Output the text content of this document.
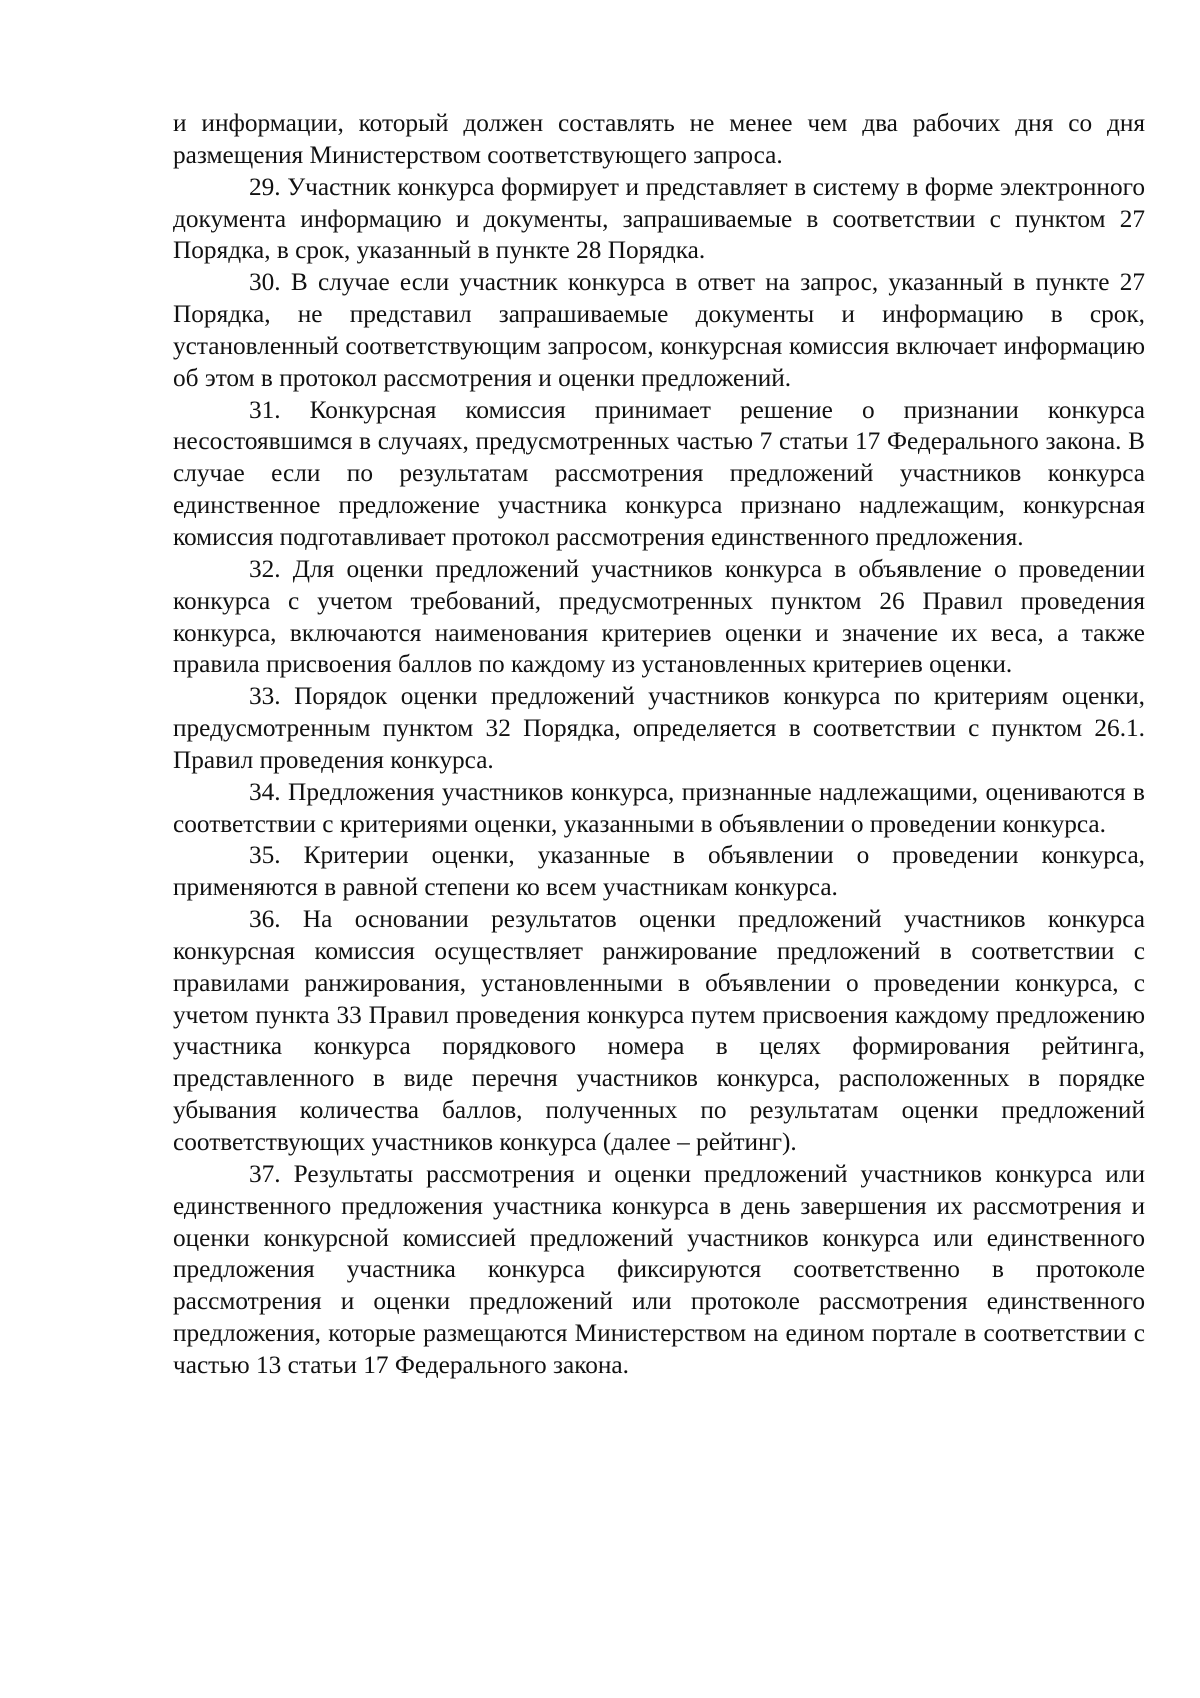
и информации, который должен составлять не менее чем два рабочих дня со дня размещения Министерством соответствующего запроса.

29. Участник конкурса формирует и представляет в систему в форме электронного документа информацию и документы, запрашиваемые в соответствии с пунктом 27 Порядка, в срок, указанный в пункте 28 Порядка.

30. В случае если участник конкурса в ответ на запрос, указанный в пункте 27 Порядка, не представил запрашиваемые документы и информацию в срок, установленный соответствующим запросом, конкурсная комиссия включает информацию об этом в протокол рассмотрения и оценки предложений.

31. Конкурсная комиссия принимает решение о признании конкурса несостоявшимся в случаях, предусмотренных частью 7 статьи 17 Федерального закона. В случае если по результатам рассмотрения предложений участников конкурса единственное предложение участника конкурса признано надлежащим, конкурсная комиссия подготавливает протокол рассмотрения единственного предложения.

32. Для оценки предложений участников конкурса в объявление о проведении конкурса с учетом требований, предусмотренных пунктом 26 Правил проведения конкурса, включаются наименования критериев оценки и значение их веса, а также правила присвоения баллов по каждому из установленных критериев оценки.

33. Порядок оценки предложений участников конкурса по критериям оценки, предусмотренным пунктом 32 Порядка, определяется в соответствии с пунктом 26.1. Правил проведения конкурса.

34. Предложения участников конкурса, признанные надлежащими, оцениваются в соответствии с критериями оценки, указанными в объявлении о проведении конкурса.

35. Критерии оценки, указанные в объявлении о проведении конкурса, применяются в равной степени ко всем участникам конкурса.

36. На основании результатов оценки предложений участников конкурса конкурсная комиссия осуществляет ранжирование предложений в соответствии с правилами ранжирования, установленными в объявлении о проведении конкурса, с учетом пункта 33 Правил проведения конкурса путем присвоения каждому предложению участника конкурса порядкового номера в целях формирования рейтинга, представленного в виде перечня участников конкурса, расположенных в порядке убывания количества баллов, полученных по результатам оценки предложений соответствующих участников конкурса (далее – рейтинг).

37. Результаты рассмотрения и оценки предложений участников конкурса или единственного предложения участника конкурса в день завершения их рассмотрения и оценки конкурсной комиссией предложений участников конкурса или единственного предложения участника конкурса фиксируются соответственно в протоколе рассмотрения и оценки предложений или протоколе рассмотрения единственного предложения, которые размещаются Министерством на едином портале в соответствии с частью 13 статьи 17 Федерального закона.
